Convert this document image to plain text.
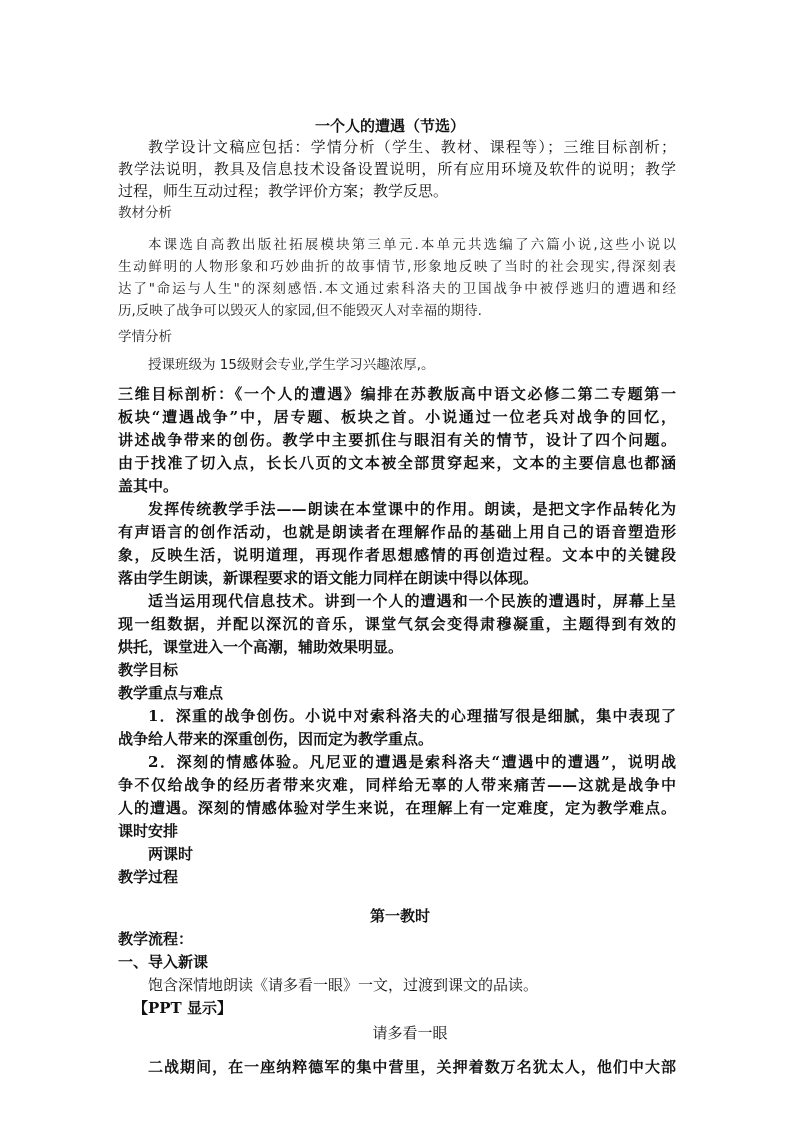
一个人的遭遇（节选）
教学设计文稿应包括：学情分析（学生、教材、课程等）；三维目标剖析；
教学法说明，教具及信息技术设备设置说明，所有应用环境及软件的说明；教学
过程，师生互动过程；教学评价方案；教学反思。
教材分析
本课选自高教出版社拓展模块第三单元.本单元共选编了六篇小说,这些小说以
生动鲜明的人物形象和巧妙曲折的故事情节,形象地反映了当时的社会现实,得深刻表
达了"命运与人生"的深刻感悟.本文通过索科洛夫的卫国战争中被俘逃归的遭遇和经
历,反映了战争可以毁灭人的家园,但不能毁灭人对幸福的期待.
学情分析
授课班级为 15级财会专业,学生学习兴趣浓厚,。
三维目标剖析：《一个人的遭遇》编排在苏教版高中语文必修二第二专题第一
板块“遭遇战争”中，居专题、板块之首。小说通过一位老兵对战争的回忆，
讲述战争带来的创伤。教学中主要抓住与眼泪有关的情节，设计了四个问题。
由于找准了切入点，长长八页的文本被全部贯穿起来，文本的主要信息也都涵
盖其中。
发挥传统教学手法——朗读在本堂课中的作用。朗读，是把文字作品转化为
有声语言的创作活动，也就是朗读者在理解作品的基础上用自己的语音塑造形
象，反映生活，说明道理，再现作者思想感情的再创造过程。文本中的关键段
落由学生朗读，新课程要求的语文能力同样在朗读中得以体现。
适当运用现代信息技术。讲到一个人的遭遇和一个民族的遭遇时，屏幕上呈
现一组数据，并配以深沉的音乐，课堂气氛会变得肃穆凝重，主题得到有效的
烘托，课堂进入一个高潮，辅助效果明显。
教学目标
教学重点与难点
1．深重的战争创伤。小说中对索科洛夫的心理描写很是细腻，集中表现了
战争给人带来的深重创伤，因而定为教学重点。
2．深刻的情感体验。凡尼亚的遭遇是索科洛夫“遭遇中的遭遇”，说明战
争不仅给战争的经历者带来灾难，同样给无辜的人带来痛苦——这就是战争中
人的遭遇。深刻的情感体验对学生来说，在理解上有一定难度，定为教学难点。
课时安排
两课时
教学过程
第一教时
教学流程：
一、导入新课
饱含深情地朗读《请多看一眼》一文，过渡到课文的品读。
【PPT 显示】
请多看一眼
二战期间，在一座纳粹德军的集中营里，关押着数万名犹太人，他们中大部
